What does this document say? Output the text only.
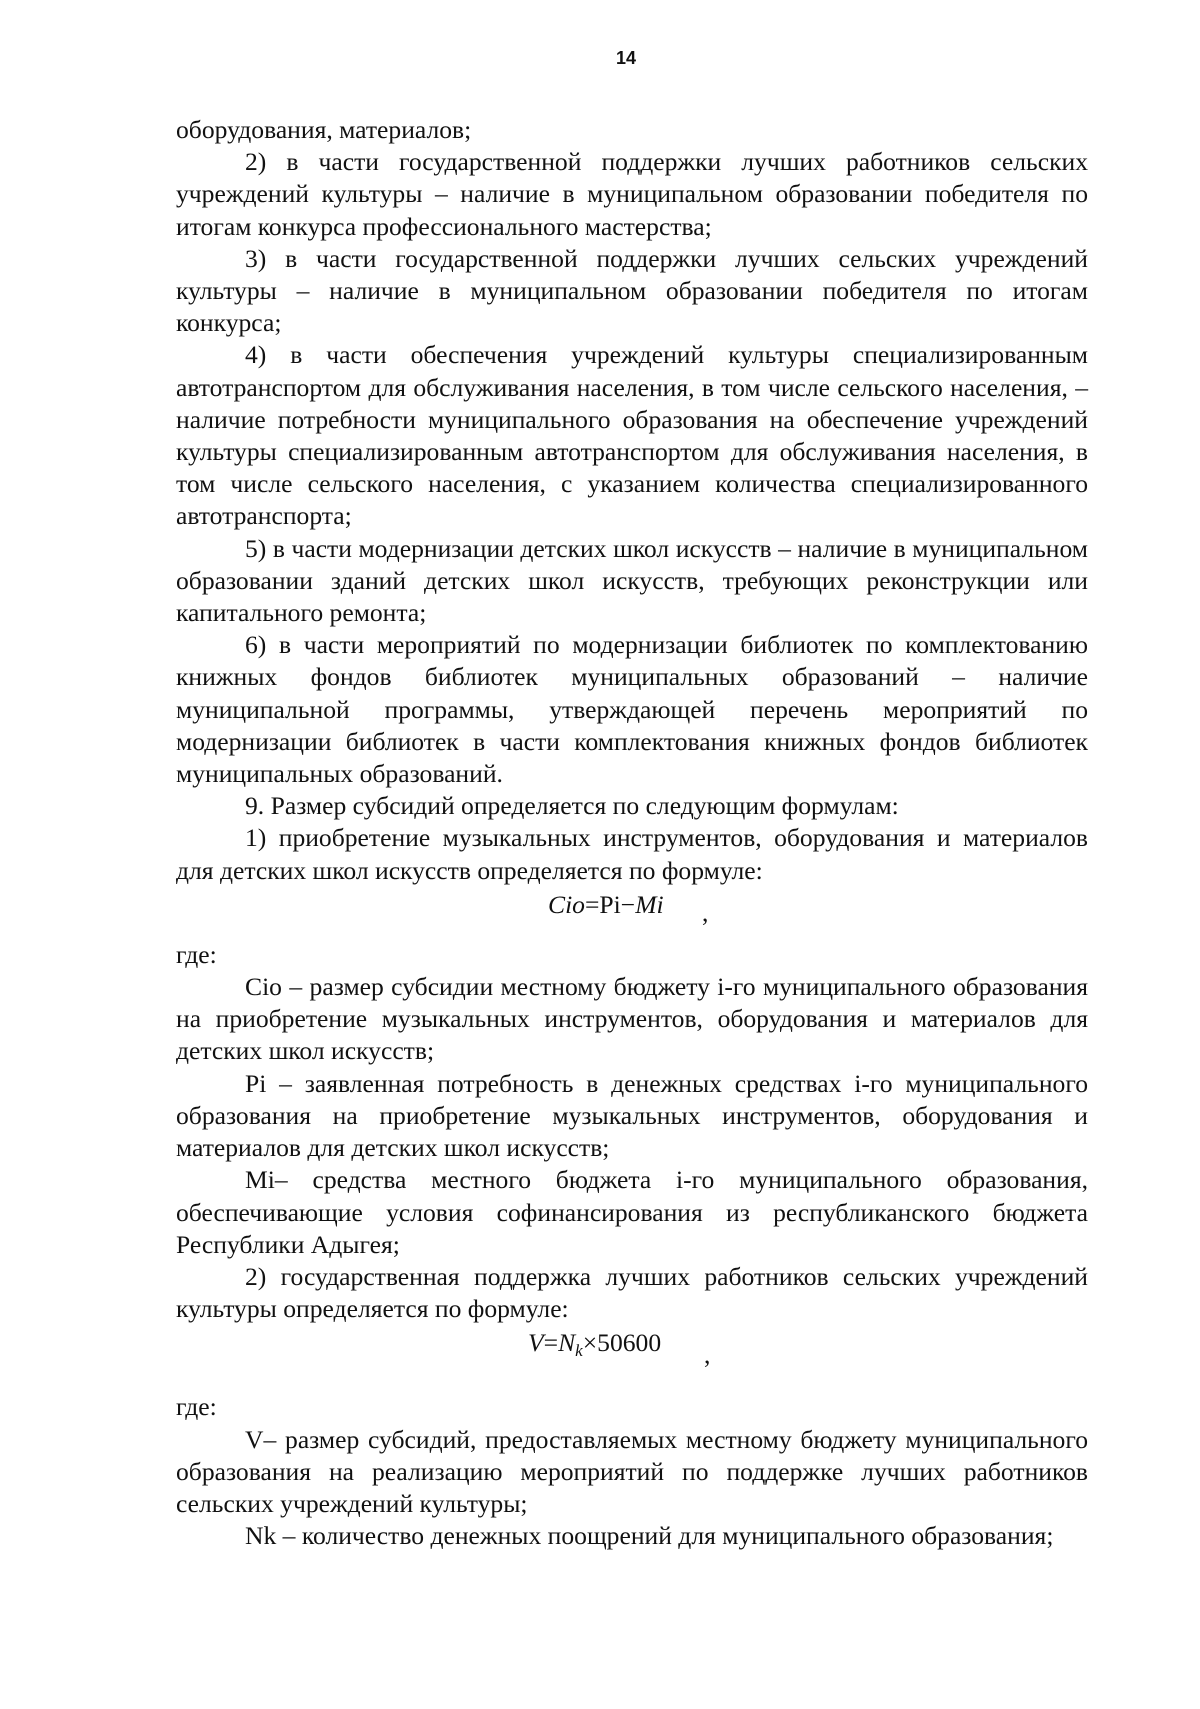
14

оборудования, материалов;

2) в части государственной поддержки лучших работников сельских учреждений культуры – наличие в муниципальном образовании победителя по итогам конкурса профессионального мастерства;

3) в части государственной поддержки лучших сельских учреждений культуры – наличие в муниципальном образовании победителя по итогам конкурса;

4) в части обеспечения учреждений культуры специализированным автотранспортом для обслуживания населения, в том числе сельского населения, – наличие потребности муниципального образования на обеспечение учреждений культуры специализированным автотранспортом для обслуживания населения, в том числе сельского населения, с указанием количества специализированного автотранспорта;

5) в части модернизации детских школ искусств – наличие в муниципальном образовании зданий детских школ искусств, требующих реконструкции или капитального ремонта;

6) в части мероприятий по модернизации библиотек по комплектованию книжных фондов библиотек муниципальных образований – наличие муниципальной программы, утверждающей перечень мероприятий по модернизации библиотек в части комплектования книжных фондов библиотек муниципальных образований.

9. Размер субсидий определяется по следующим формулам:

1) приобретение музыкальных инструментов, оборудования и материалов для детских школ искусств определяется по формуле:

Cio=Pi−Mi ,

где:

Сio – размер субсидии местному бюджету i-го муниципального образования на приобретение музыкальных инструментов, оборудования и материалов для детских школ искусств;

Pi – заявленная потребность в денежных средствах i-го муниципального образования на приобретение музыкальных инструментов, оборудования и материалов для детских школ искусств;

Mi– средства местного бюджета i-го муниципального образования, обеспечивающие условия софинансирования из республиканского бюджета Республики Адыгея;

2) государственная поддержка лучших работников сельских учреждений культуры определяется по формуле:

$V=N_k\times 50600$ ,

где:

V– размер субсидий, предоставляемых местному бюджету муниципального образования на реализацию мероприятий по поддержке лучших работников сельских учреждений культуры;

Nk – количество денежных поощрений для муниципального образования;
